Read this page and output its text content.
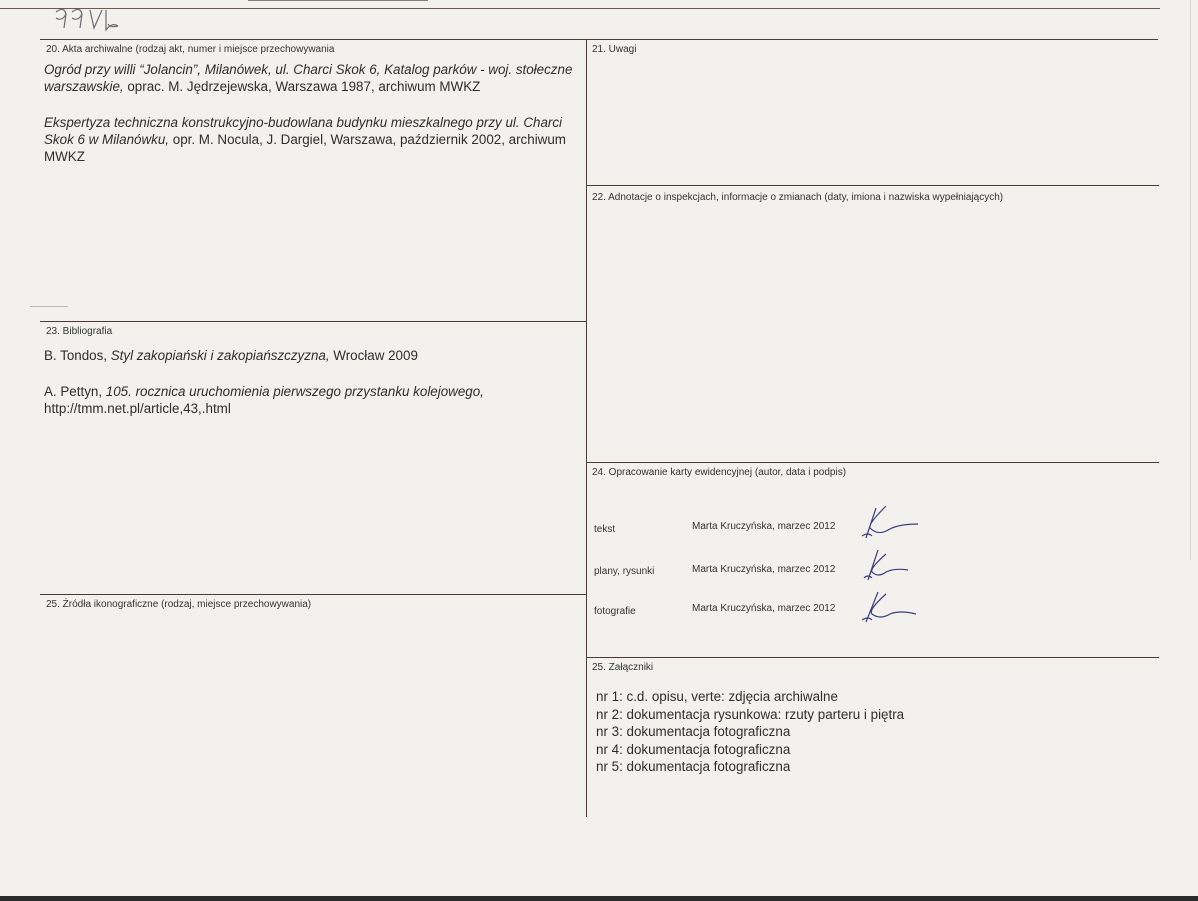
20. Akta archiwalne (rodzaj akt, numer i miejsce przechowywania

Ogród przy willi “Jolancin”, Milanówek, ul. Charci Skok 6, Katalog parków - woj. stołeczne warszawskie, oprac. M. Jędrzejewska, Warszawa 1987, archiwum MWKZ

Ekspertyza techniczna konstrukcyjno-budowlana budynku mieszkalnego przy ul. Charci Skok 6 w Milanówku, opr. M. Nocula, J. Dargiel, Warszawa, październik 2002, archiwum MWKZ

21. Uwagi
22. Adnotacje o inspekcjach, informacje o zmianach (daty, imiona i nazwiska wypełniających)
23. Bibliografia

B. Tondos, Styl zakopiański i zakopiańszczyzna, Wrocław 2009

A. Pettyn, 105. rocznica uruchomienia pierwszego przystanku kolejowego, http://tmm.net.pl/article,43,.html

24. Opracowanie karty ewidencyjnej (autor, data i podpis)
tekst	Marta Kruczyńska, marzec 2012
plany, rysunki	Marta Kruczyńska, marzec 2012
fotografie	Marta Kruczyńska, marzec 2012
25. Źródła ikonograficzne (rodzaj, miejsce przechowywania)
25. Załączniki
nr 1: c.d. opisu, verte: zdjęcia archiwalne
nr 2: dokumentacja rysunkowa: rzuty parteru i piętra
nr 3: dokumentacja fotograficzna
nr 4: dokumentacja fotograficzna
nr 5: dokumentacja fotograficzna
